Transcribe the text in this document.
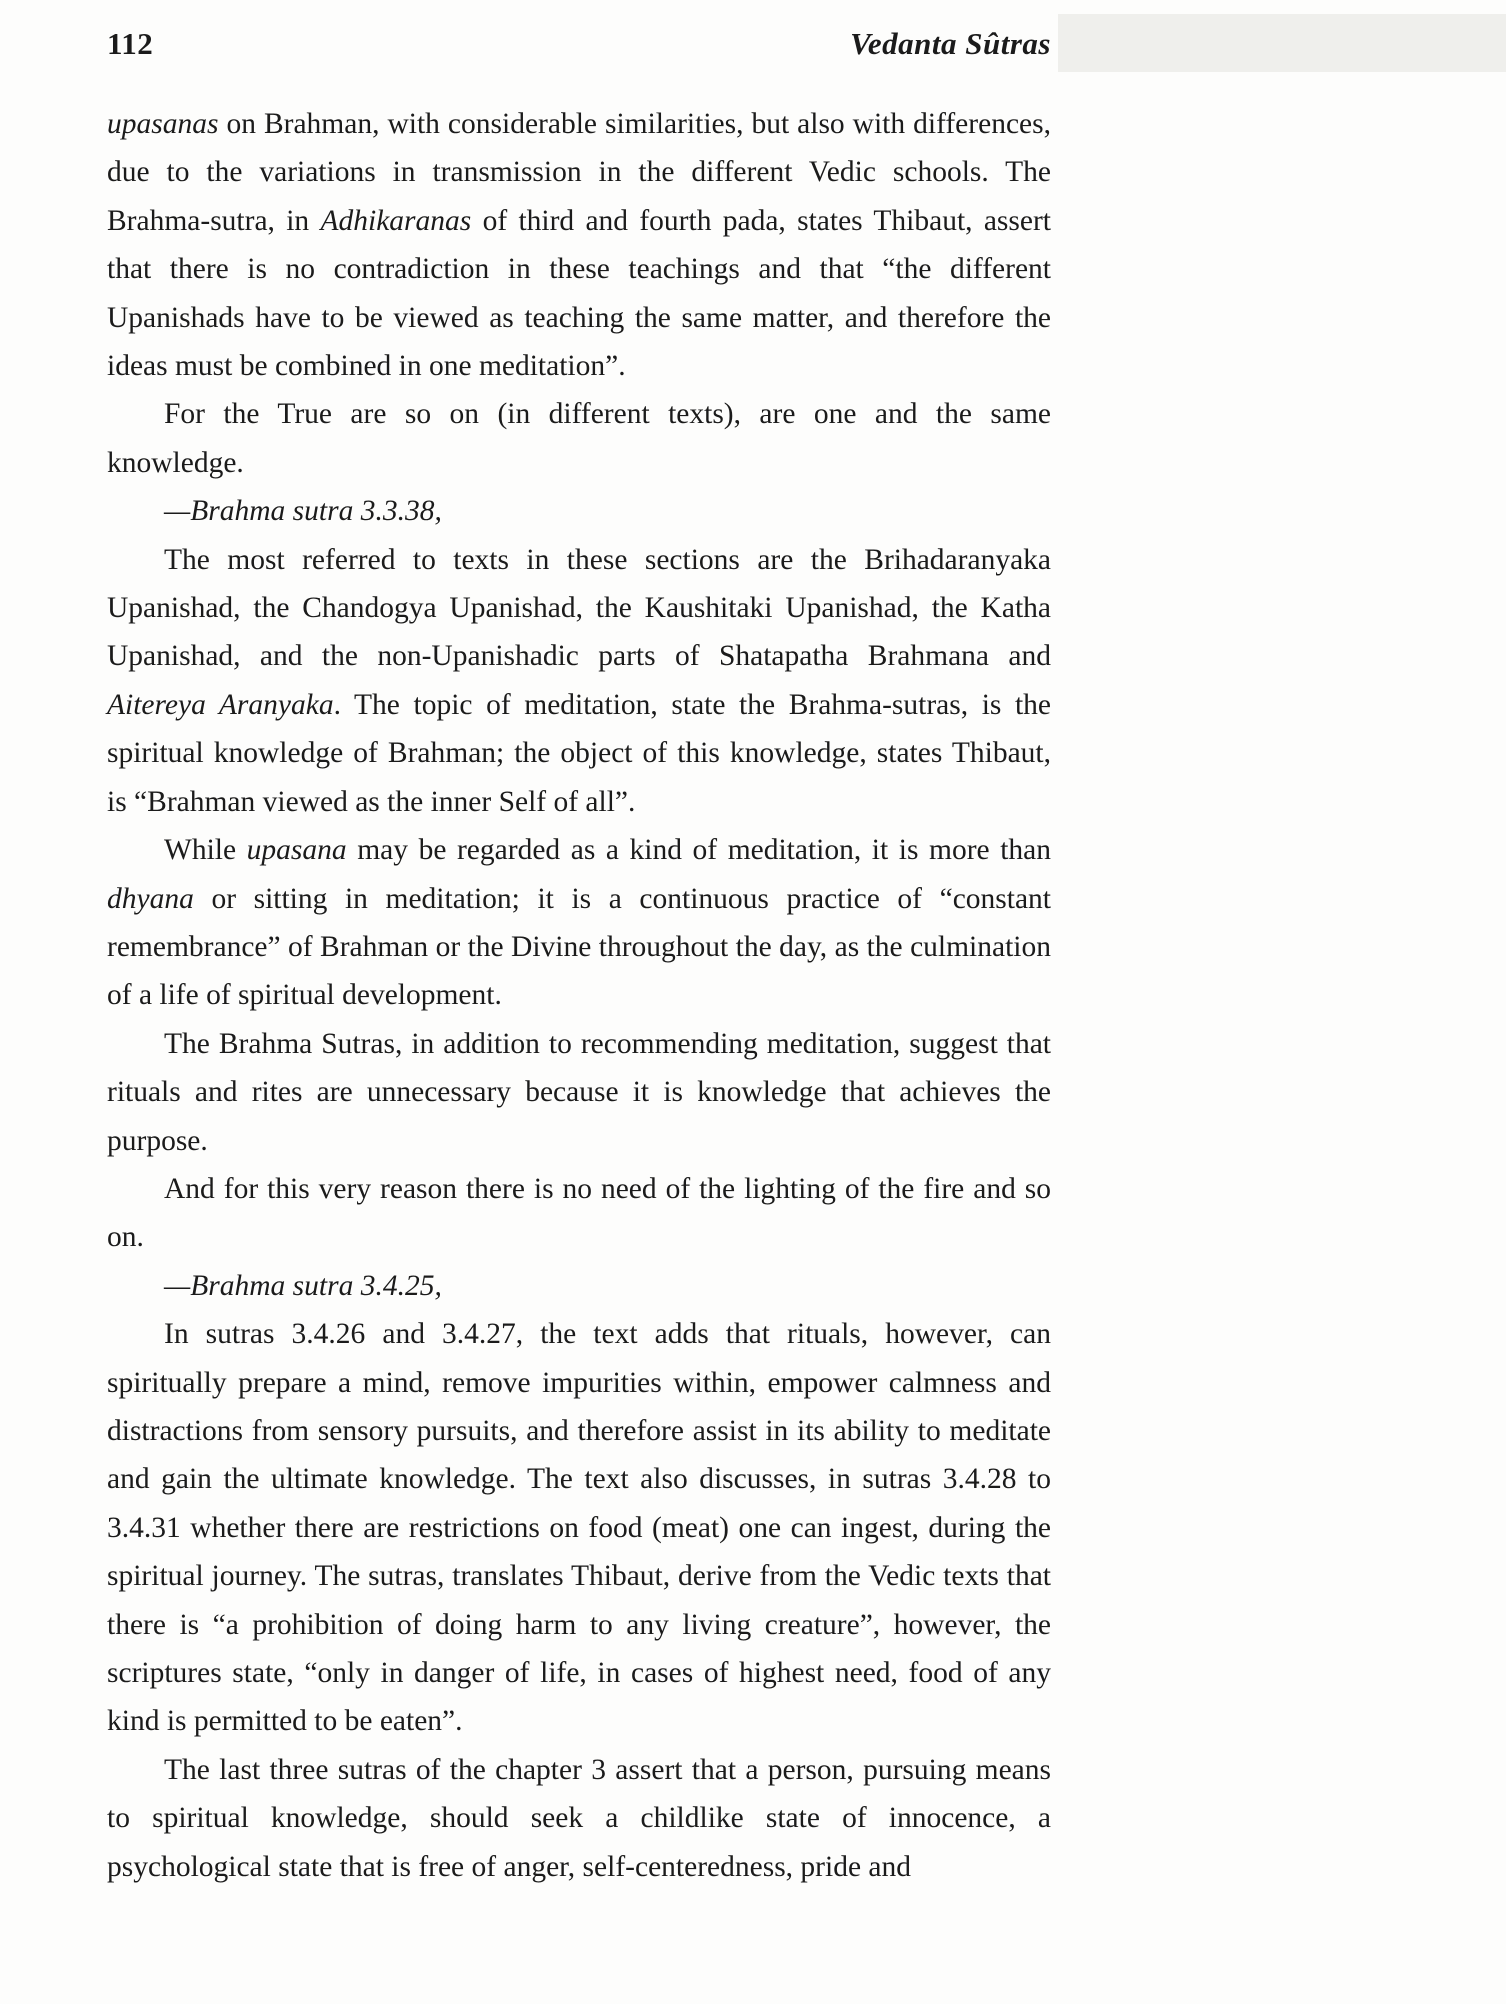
112	Vedanta Sûtras

upasanas on Brahman, with considerable similarities, but also with differences, due to the variations in transmission in the different Vedic schools. The Brahma-sutra, in Adhikaranas of third and fourth pada, states Thibaut, assert that there is no contradiction in these teachings and that “the different Upanishads have to be viewed as teaching the same matter, and therefore the ideas must be combined in one meditation”.

For the True are so on (in different texts), are one and the same knowledge.

—Brahma sutra 3.3.38,

The most referred to texts in these sections are the Brihadaranyaka Upanishad, the Chandogya Upanishad, the Kaushitaki Upanishad, the Katha Upanishad, and the non-Upanishadic parts of Shatapatha Brahmana and Aitereya Aranyaka. The topic of meditation, state the Brahma-sutras, is the spiritual knowledge of Brahman; the object of this knowledge, states Thibaut, is “Brahman viewed as the inner Self of all”.

While upasana may be regarded as a kind of meditation, it is more than dhyana or sitting in meditation; it is a continuous practice of “constant remembrance” of Brahman or the Divine throughout the day, as the culmination of a life of spiritual development.

The Brahma Sutras, in addition to recommending meditation, suggest that rituals and rites are unnecessary because it is knowledge that achieves the purpose.

And for this very reason there is no need of the lighting of the fire and so on.

—Brahma sutra 3.4.25,

In sutras 3.4.26 and 3.4.27, the text adds that rituals, however, can spiritually prepare a mind, remove impurities within, empower calmness and distractions from sensory pursuits, and therefore assist in its ability to meditate and gain the ultimate knowledge. The text also discusses, in sutras 3.4.28 to 3.4.31 whether there are restrictions on food (meat) one can ingest, during the spiritual journey. The sutras, translates Thibaut, derive from the Vedic texts that there is “a prohibition of doing harm to any living creature”, however, the scriptures state, “only in danger of life, in cases of highest need, food of any kind is permitted to be eaten”.

The last three sutras of the chapter 3 assert that a person, pursuing means to spiritual knowledge, should seek a childlike state of innocence, a psychological state that is free of anger, self-centeredness, pride and
